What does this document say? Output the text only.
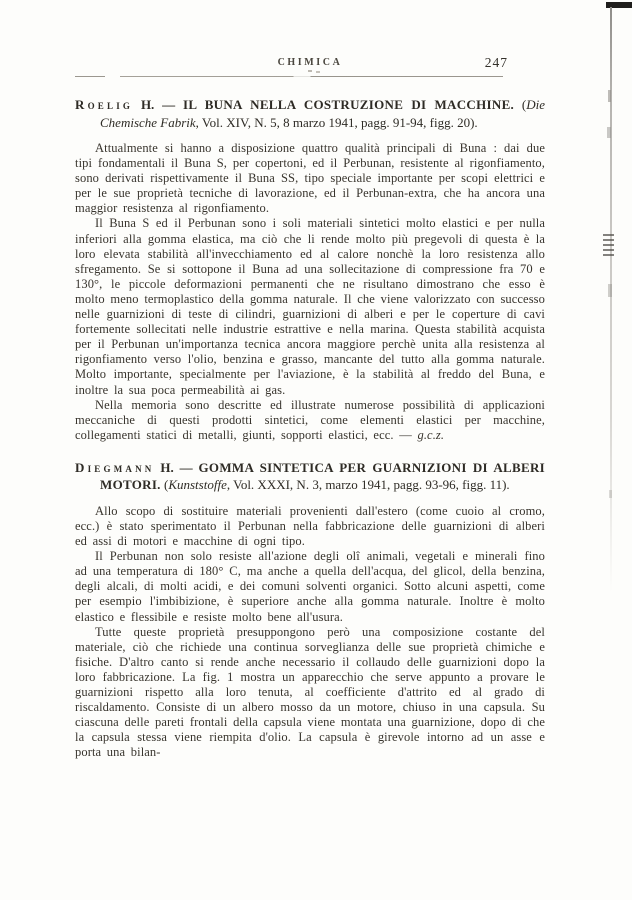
CHIMICA	247

Roelig H. — IL BUNA NELLA COSTRUZIONE DI MACCHINE. (Die Chemische Fabrik, Vol. XIV, N. 5, 8 marzo 1941, pagg. 91-94, figg. 20).

Attualmente si hanno a disposizione quattro qualità principali di Buna : dai due tipi fondamentali il Buna S, per copertoni, ed il Perbunan, resistente al rigonfiamento, sono derivati rispettivamente il Buna SS, tipo speciale importante per scopi elettrici e per le sue proprietà tecniche di lavorazione, ed il Perbunan-extra, che ha ancora una maggior resistenza al rigonfiamento.

Il Buna S ed il Perbunan sono i soli materiali sintetici molto elastici e per nulla inferiori alla gomma elastica, ma ciò che li rende molto più pregevoli di questa è la loro elevata stabilità all'invecchiamento ed al calore nonchè la loro resistenza allo sfregamento. Se si sottopone il Buna ad una sollecitazione di compressione fra 70 e 130°, le piccole deformazioni permanenti che ne risultano dimostrano che esso è molto meno termoplastico della gomma naturale. Il che viene valorizzato con successo nelle guarnizioni di teste di cilindri, guarnizioni di alberi e per le coperture di cavi fortemente sollecitati nelle industrie estrattive e nella marina. Questa stabilità acquista per il Perbunan un'importanza tecnica ancora maggiore perchè unita alla resistenza al rigonfiamento verso l'olio, benzina e grasso, mancante del tutto alla gomma naturale. Molto importante, specialmente per l'aviazione, è la stabilità al freddo del Buna, e inoltre la sua poca permeabilità ai gas.

Nella memoria sono descritte ed illustrate numerose possibilità di applicazioni meccaniche di questi prodotti sintetici, come elementi elastici per macchine, collegamenti statici di metalli, giunti, sopporti elastici, ecc. — g.c.z.

Diegmann H. — GOMMA SINTETICA PER GUARNIZIONI DI ALBERI MOTORI. (Kunststoffe, Vol. XXXI, N. 3, marzo 1941, pagg. 93-96, figg. 11).

Allo scopo di sostituire materiali provenienti dall'estero (come cuoio al cromo, ecc.) è stato sperimentato il Perbunan nella fabbricazione delle guarnizioni di alberi ed assi di motori e macchine di ogni tipo.

Il Perbunan non solo resiste all'azione degli olî animali, vegetali e minerali fino ad una temperatura di 180° C, ma anche a quella dell'acqua, del glicol, della benzina, degli alcali, di molti acidi, e dei comuni solventi organici. Sotto alcuni aspetti, come per esempio l'imbibizione, è superiore anche alla gomma naturale. Inoltre è molto elastico e flessibile e resiste molto bene all'usura.

Tutte queste proprietà presuppongono però una composizione costante del materiale, ciò che richiede una continua sorveglianza delle sue proprietà chimiche e fisiche. D'altro canto si rende anche necessario il collaudo delle guarnizioni dopo la loro fabbricazione. La fig. 1 mostra un apparecchio che serve appunto a provare le guarnizioni rispetto alla loro tenuta, al coefficiente d'attrito ed al grado di riscaldamento. Consiste di un albero mosso da un motore, chiuso in una capsula. Su ciascuna delle pareti frontali della capsula viene montata una guarnizione, dopo di che la capsula stessa viene riempita d'olio. La capsula è girevole intorno ad un asse e porta una bilan-
